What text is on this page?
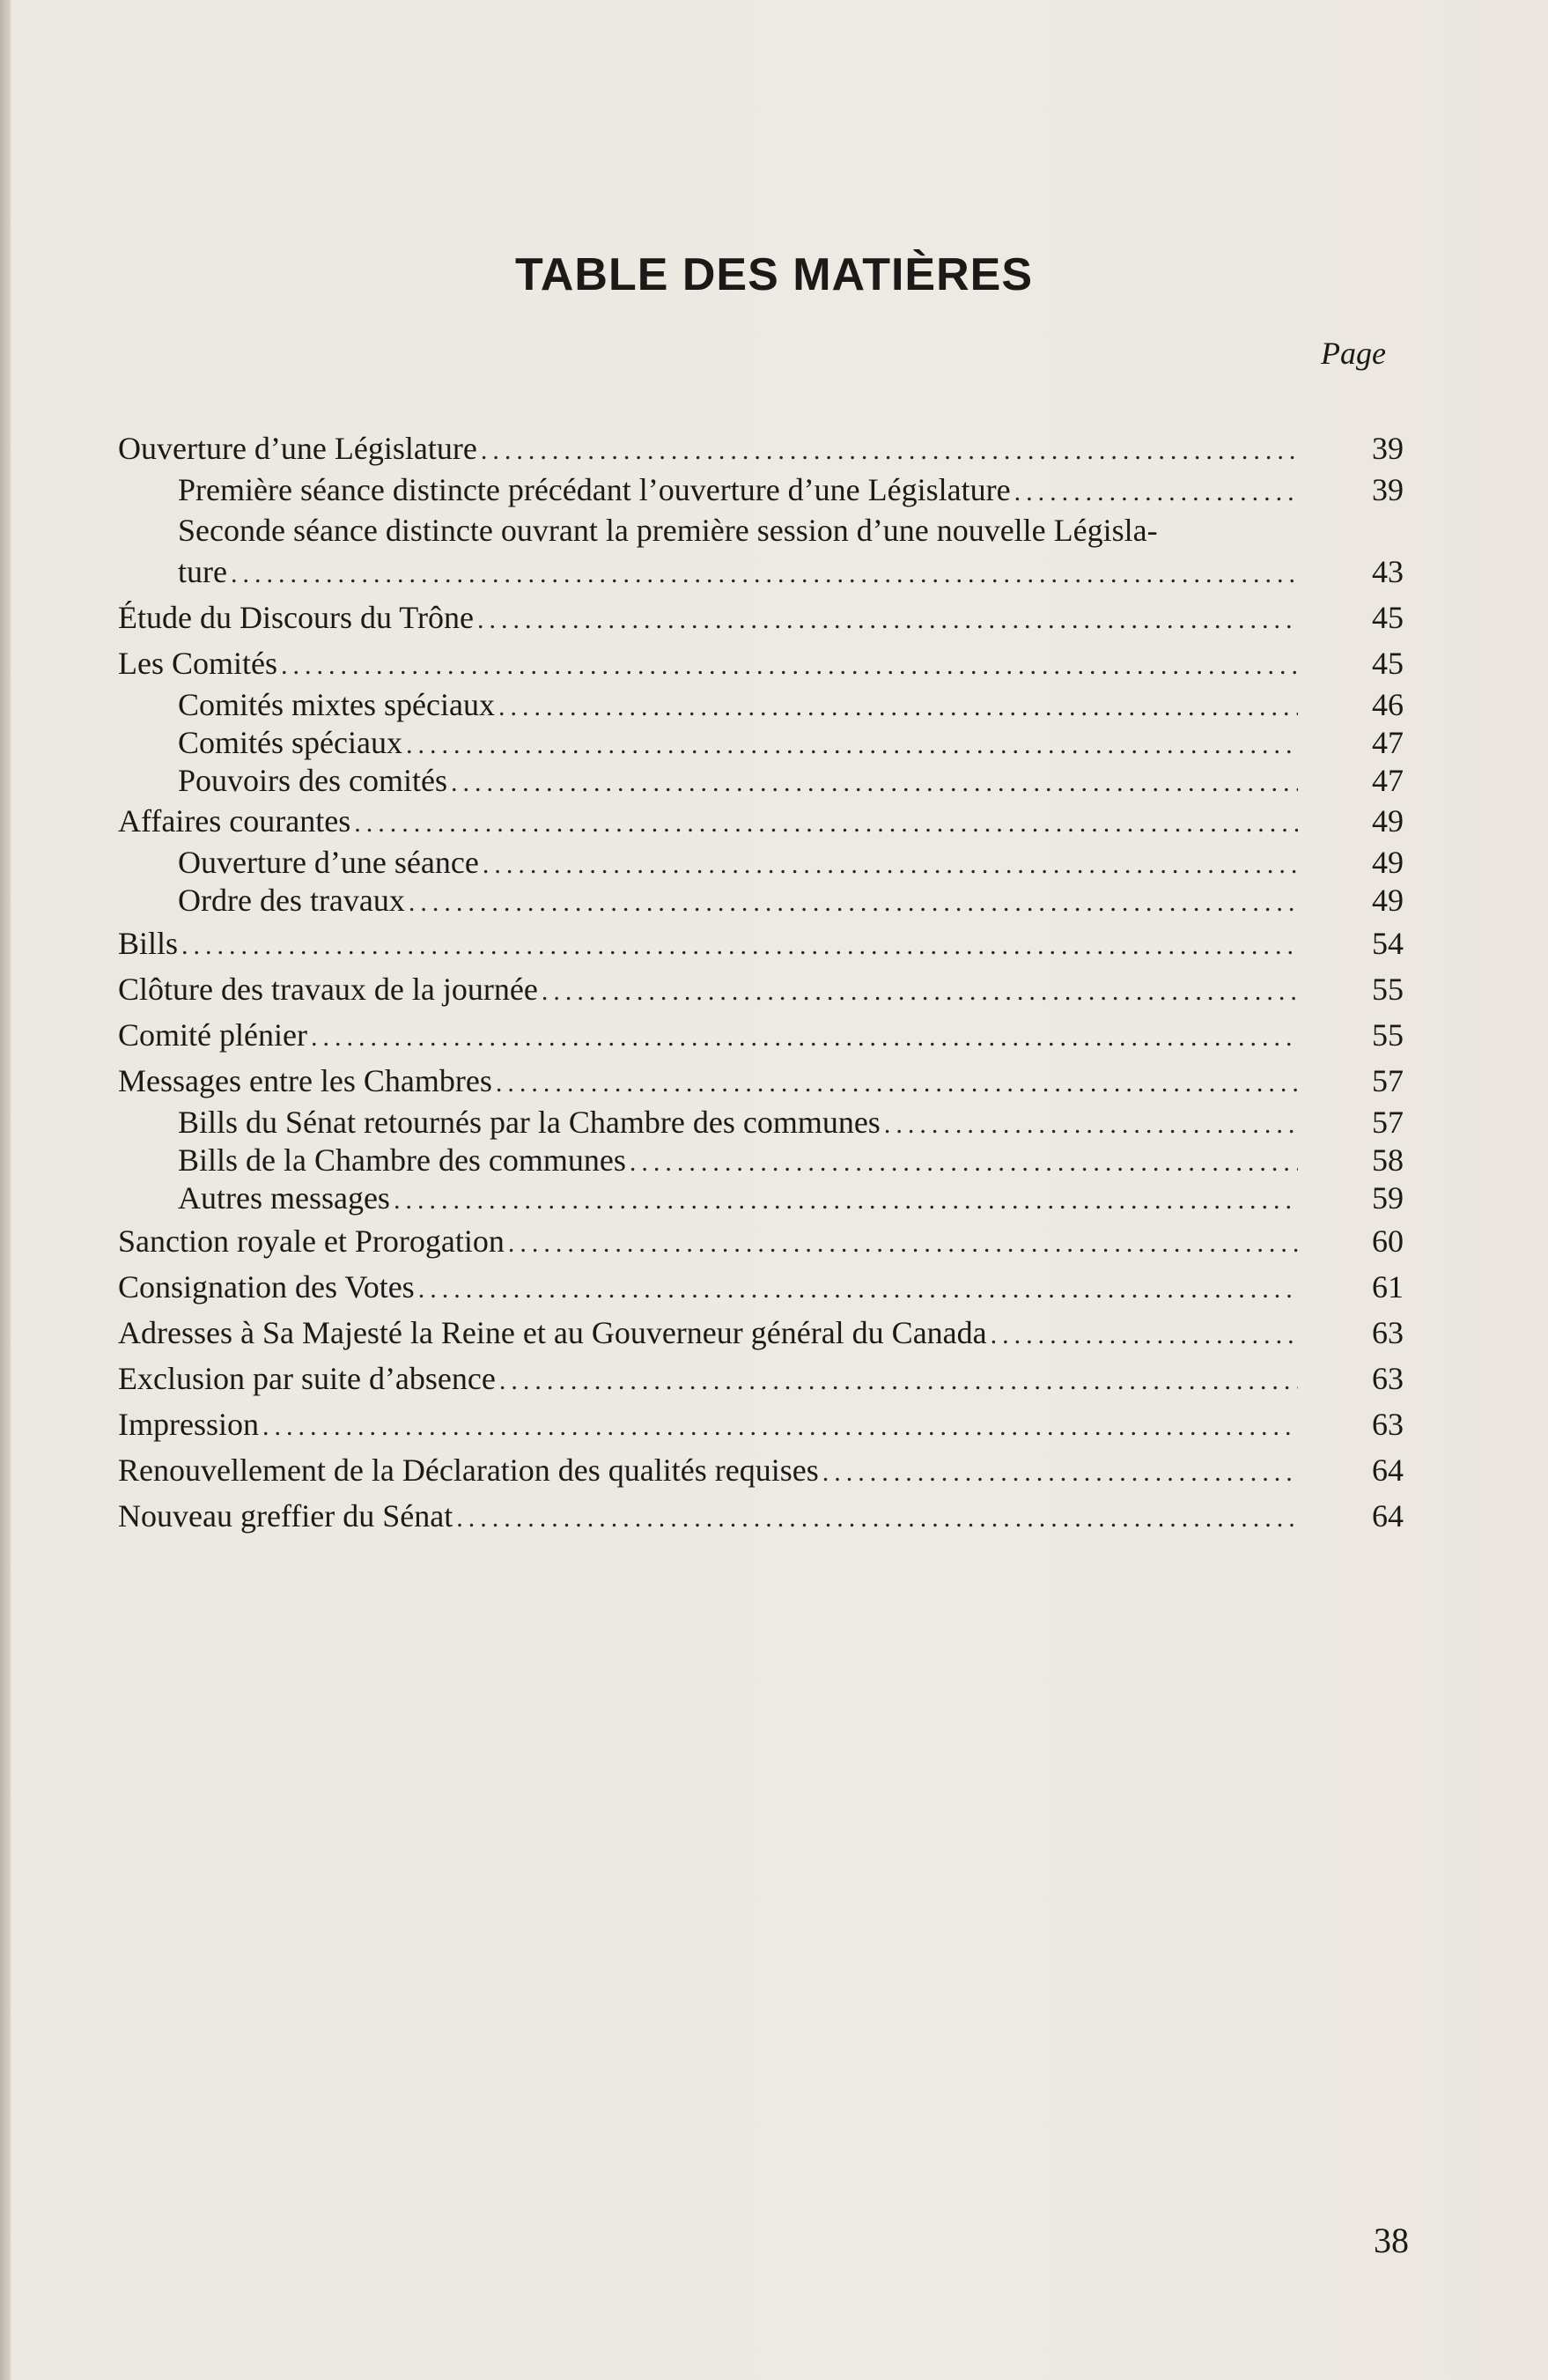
TABLE DES MATIÈRES
Page
Ouverture d’une Législature .....	39
Première séance distincte précédant l’ouverture d’une Législature .....	39
Seconde séance distincte ouvrant la première session d’une nouvelle Législa-
ture .....	43
Étude du Discours du Trône .....	45
Les Comités .....	45
Comités mixtes spéciaux .....	46
Comités spéciaux .....	47
Pouvoirs des comités .....	47
Affaires courantes .....	49
Ouverture d’une séance .....	49
Ordre des travaux .....	49
Bills .....	54
Clôture des travaux de la journée .....	55
Comité plénier .....	55
Messages entre les Chambres .....	57
Bills du Sénat retournés par la Chambre des communes .....	57
Bills de la Chambre des communes .....	58
Autres messages .....	59
Sanction royale et Prorogation .....	60
Consignation des Votes .....	61
Adresses à Sa Majesté la Reine et au Gouverneur général du Canada .....	63
Exclusion par suite d’absence .....	63
Impression .....	63
Renouvellement de la Déclaration des qualités requises .....	64
Nouveau greffier du Sénat .....	64
38
